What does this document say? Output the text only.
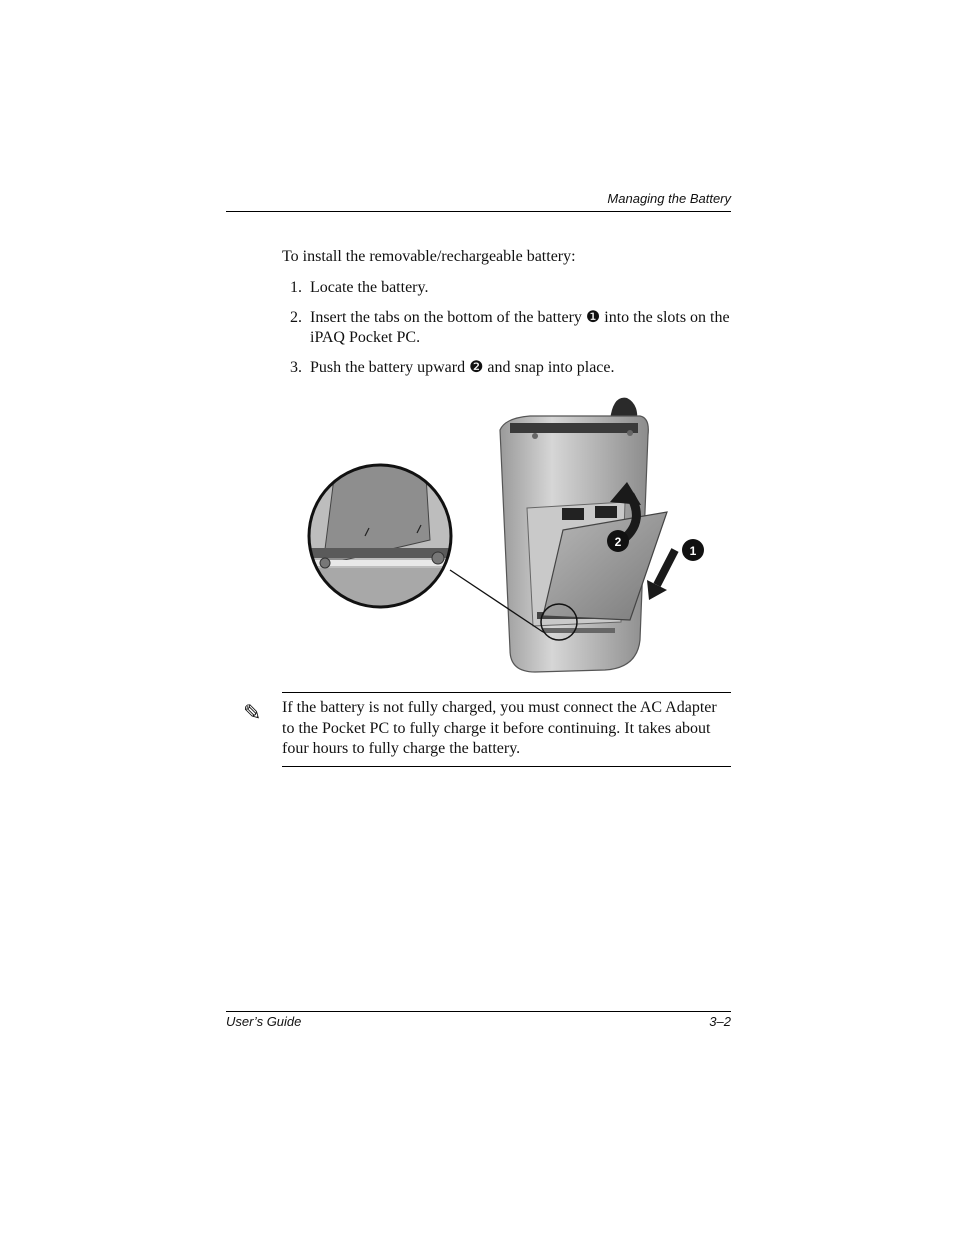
Managing the Battery
To install the removable/rechargeable battery:
1. Locate the battery.
2. Insert the tabs on the bottom of the battery ❶ into the slots on the iPAQ Pocket PC.
3. Push the battery upward ❷ and snap into place.
2
1
✎ If the battery is not fully charged, you must connect the AC Adapter to the Pocket PC to fully charge it before continuing. It takes about four hours to fully charge the battery.
User’s Guide	3–2
